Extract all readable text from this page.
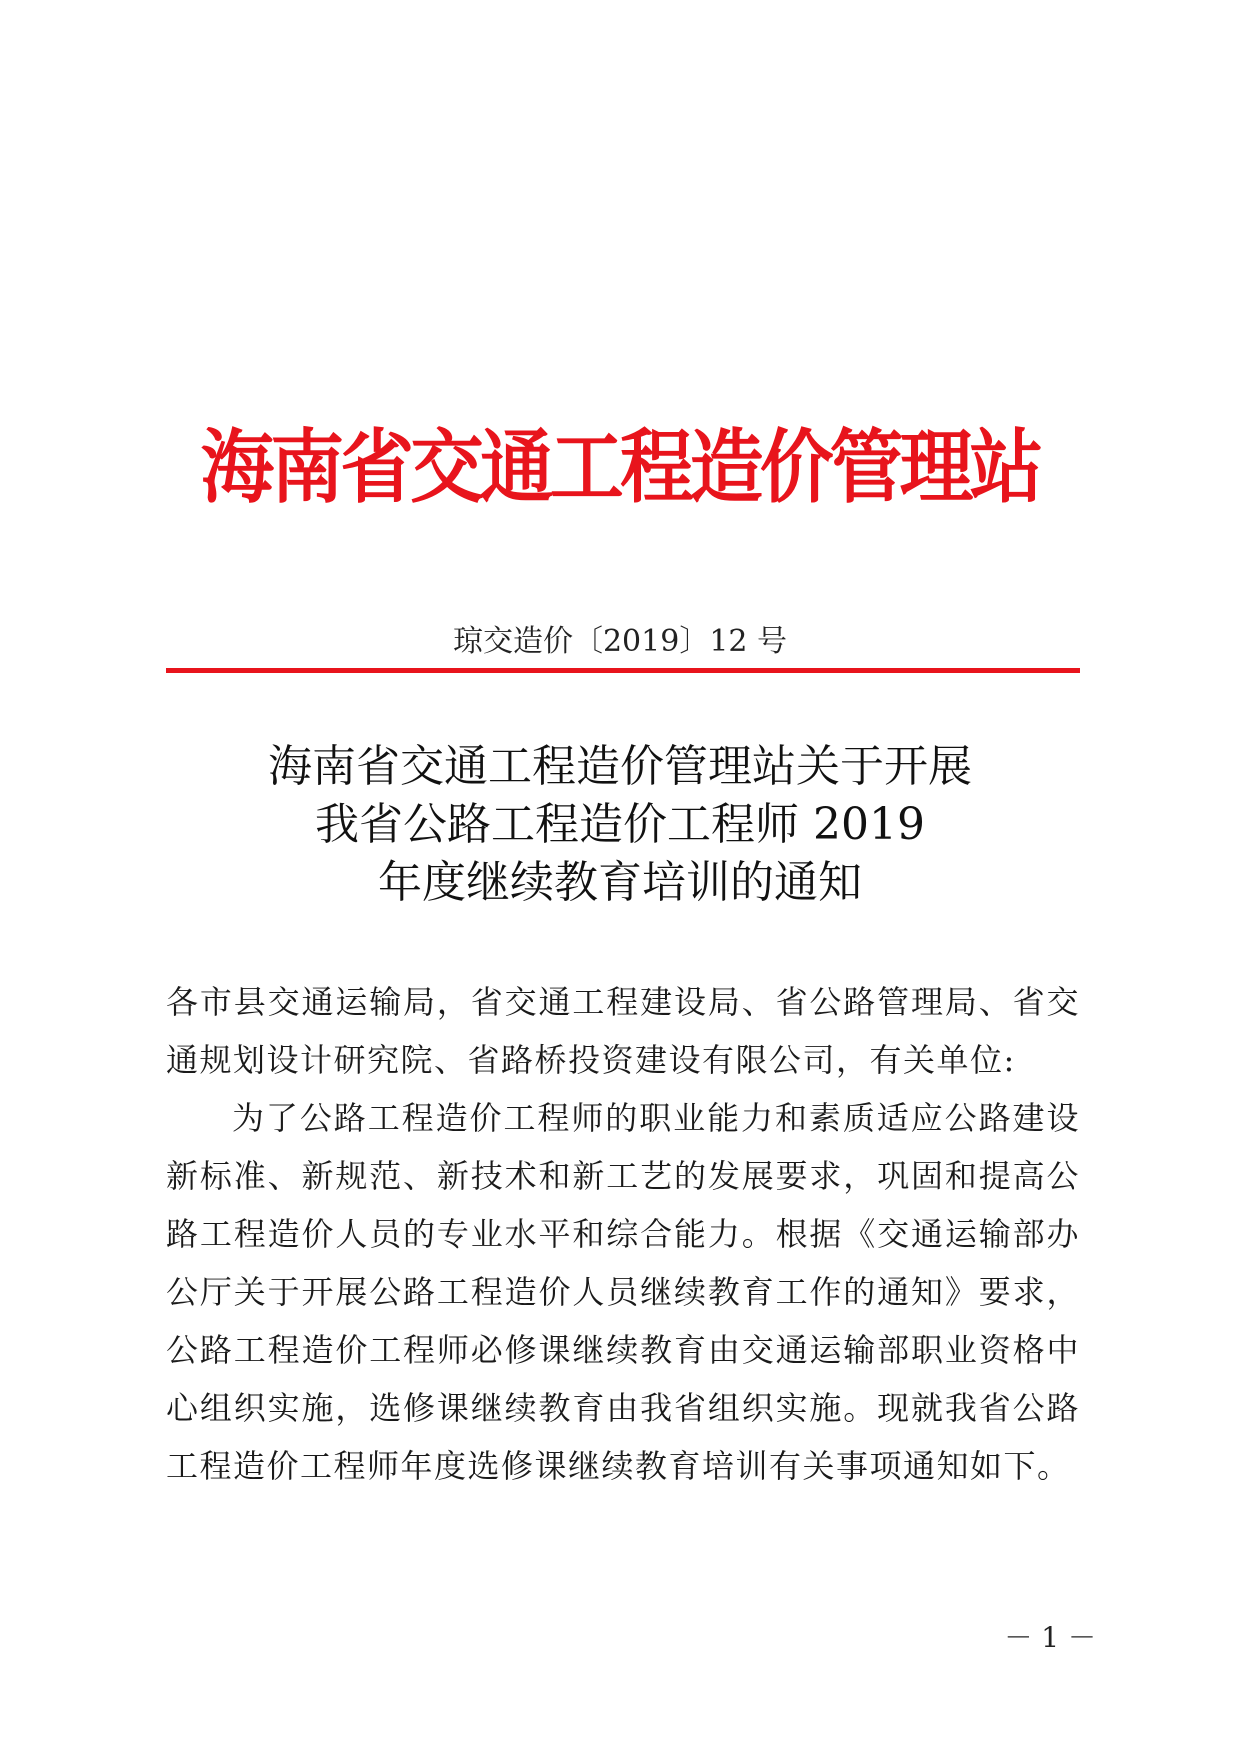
海南省交通工程造价管理站
琼交造价〔2019〕12 号
海南省交通工程造价管理站关于开展
我省公路工程造价工程师 2019
年度继续教育培训的通知

各市县交通运输局，省交通工程建设局、省公路管理局、省交通规划设计研究院、省路桥投资建设有限公司，有关单位:

为了公路工程造价工程师的职业能力和素质适应公路建设新标准、新规范、新技术和新工艺的发展要求，巩固和提高公路工程造价人员的专业水平和综合能力。根据《交通运输部办公厅关于开展公路工程造价人员继续教育工作的通知》要求，公路工程造价工程师必修课继续教育由交通运输部职业资格中心组织实施，选修课继续教育由我省组织实施。现就我省公路工程造价工程师年度选修课继续教育培训有关事项通知如下。

－ 1 －
